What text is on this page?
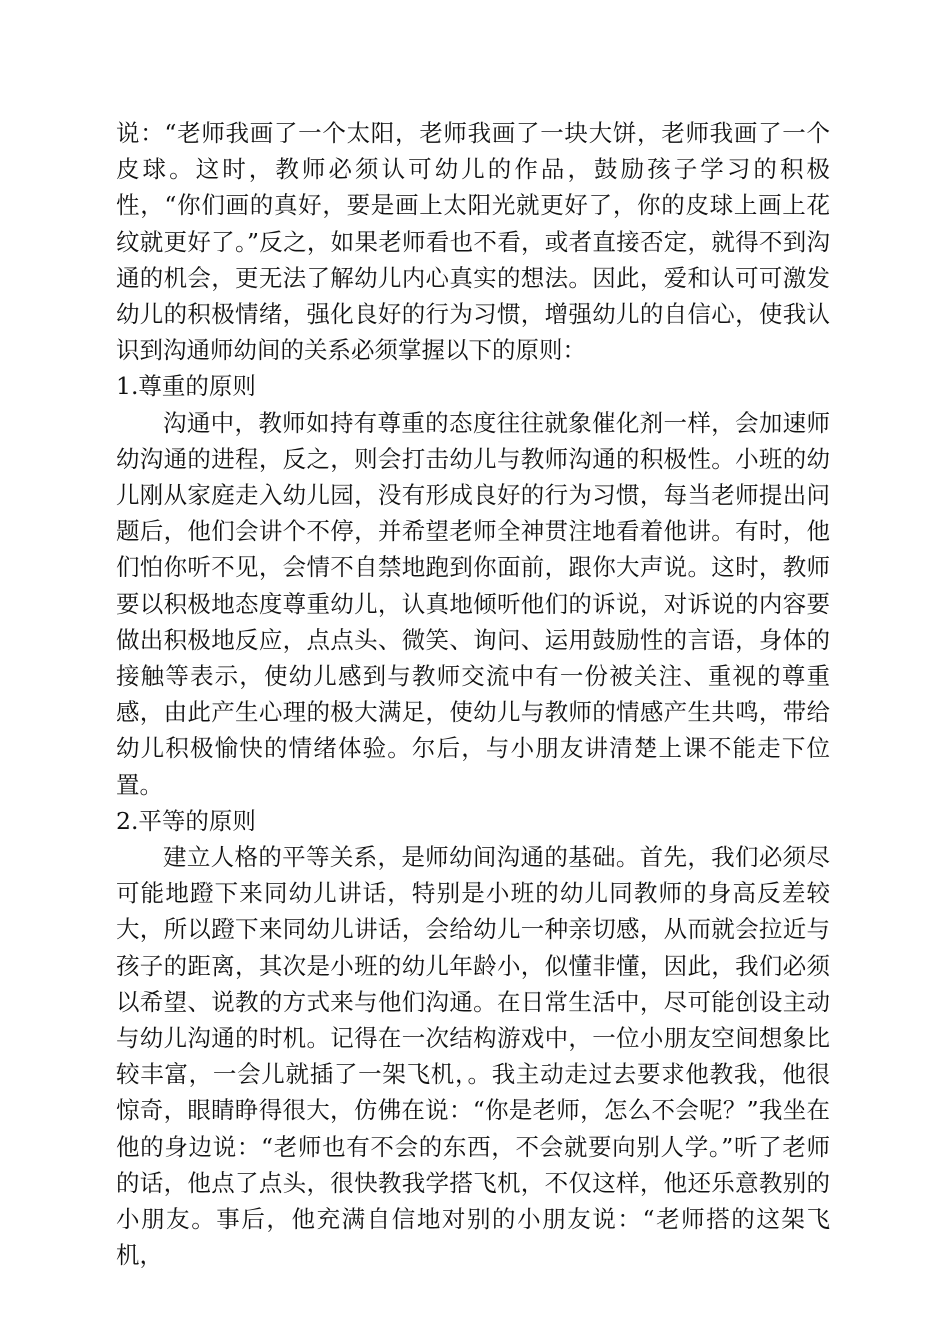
说：“老师我画了一个太阳，老师我画了一块大饼，老师我画了一个皮球。这时，教师必须认可幼儿的作品，鼓励孩子学习的积极性，“你们画的真好，要是画上太阳光就更好了，你的皮球上画上花纹就更好了。”反之，如果老师看也不看，或者直接否定，就得不到沟通的机会，更无法了解幼儿内心真实的想法。因此，爱和认可可激发幼儿的积极情绪，强化良好的行为习惯，增强幼儿的自信心，使我认识到沟通师幼间的关系必须掌握以下的原则：

1.尊重的原则

沟通中，教师如持有尊重的态度往往就象催化剂一样，会加速师幼沟通的进程，反之，则会打击幼儿与教师沟通的积极性。小班的幼儿刚从家庭走入幼儿园，没有形成良好的行为习惯，每当老师提出问题后，他们会讲个不停，并希望老师全神贯注地看着他讲。有时，他们怕你听不见，会情不自禁地跑到你面前，跟你大声说。这时，教师要以积极地态度尊重幼儿，认真地倾听他们的诉说，对诉说的内容要做出积极地反应，点点头、微笑、询问、运用鼓励性的言语，身体的接触等表示，使幼儿感到与教师交流中有一份被关注、重视的尊重感，由此产生心理的极大满足，使幼儿与教师的情感产生共鸣，带给幼儿积极愉快的情绪体验。尔后，与小朋友讲清楚上课不能走下位置。

2.平等的原则

建立人格的平等关系，是师幼间沟通的基础。首先，我们必须尽可能地蹬下来同幼儿讲话，特别是小班的幼儿同教师的身高反差较大，所以蹬下来同幼儿讲话，会给幼儿一种亲切感，从而就会拉近与孩子的距离，其次是小班的幼儿年龄小，似懂非懂，因此，我们必须以希望、说教的方式来与他们沟通。在日常生活中，尽可能创设主动与幼儿沟通的时机。记得在一次结构游戏中，一位小朋友空间想象比较丰富，一会儿就插了一架飞机，。我主动走过去要求他教我，他很惊奇，眼睛睁得很大，仿佛在说：“你是老师，怎么不会呢？”我坐在他的身边说：“老师也有不会的东西，不会就要向别人学。”听了老师的话，他点了点头，很快教我学搭飞机，不仅这样，他还乐意教别的小朋友。事后，他充满自信地对别的小朋友说：“老师搭的这架飞机，
